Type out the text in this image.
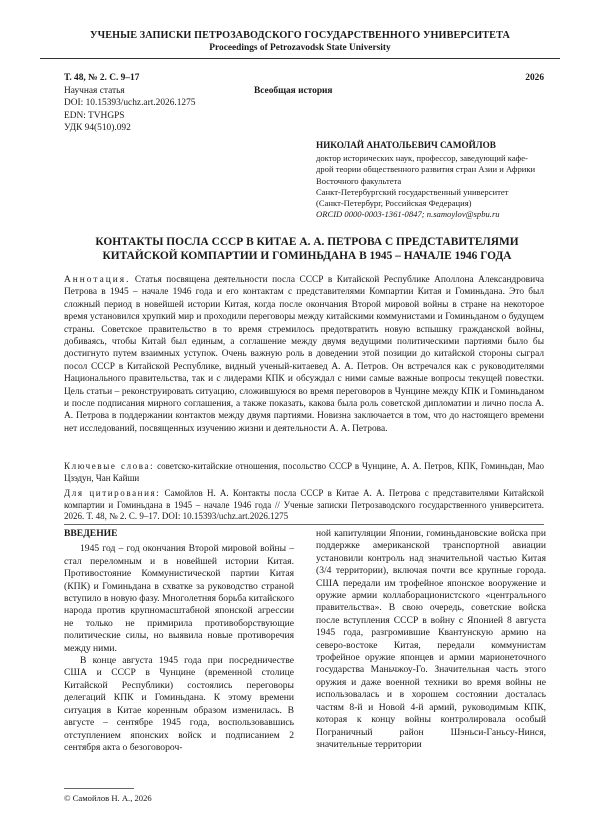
УЧЕНЫЕ ЗАПИСКИ ПЕТРОЗАВОДСКОГО ГОСУДАРСТВЕННОГО УНИВЕРСИТЕТА
Proceedings of Petrozavodsk State University
Т. 48, № 2. С. 9–17	2026
Научная статья	Всеобщая история
DOI: 10.15393/uchz.art.2026.1275
EDN: TVHGPS
УДК 94(510).092
НИКОЛАЙ АНАТОЛЬЕВИЧ САМОЙЛОВ
доктор исторических наук, профессор, заведующий кафе-
дрой теории общественного развития стран Азии и Африки
Восточного факультета
Санкт-Петербургский государственный университет
(Санкт-Петербург, Российская Федерация)
ORCID 0000-0003-1361-0847; n.samoylov@spbu.ru
КОНТАКТЫ ПОСЛА СССР В КИТАЕ А. А. ПЕТРОВА С ПРЕДСТАВИТЕЛЯМИ
КИТАЙСКОЙ КОМПАРТИИ И ГОМИНЬДАНА В 1945 – НАЧАЛЕ 1946 ГОДА
Аннотация. Статья посвящена деятельности посла СССР в Китайской Республике Аполлона Александровича Петрова в 1945 – начале 1946 года и его контактам с представителями Компартии Китая и Гоминьдана. Это был сложный период в новейшей истории Китая, когда после окончания Второй мировой войны в стране на некоторое время установился хрупкий мир и проходили переговоры между китайскими коммунистами и Гоминьданом о будущем страны. Советское правительство в то время стремилось предотвратить новую вспышку гражданской войны, добиваясь, чтобы Китай был единым, а соглашение между двумя ведущими политическими партиями было бы достигнуто путем взаимных уступок. Очень важную роль в доведении этой позиции до китайской стороны сыграл посол СССР в Китайской Республике, видный ученый-китаевед А. А. Петров. Он встречался как с руководителями Национального правительства, так и с лидерами КПК и обсуждал с ними самые важные вопросы текущей повестки. Цель статьи – реконструировать ситуацию, сложившуюся во время переговоров в Чунцине между КПК и Гоминьданом и после подписания мирного соглашения, а также показать, какова была роль советской дипломатии и лично посла А. А. Петрова в поддержании контактов между двумя партиями. Новизна заключается в том, что до настоящего времени нет исследований, посвященных изучению жизни и деятельности А. А. Петрова.
Ключевые слова: советско-китайские отношения, посольство СССР в Чунцине, А. А. Петров, КПК, Гоминьдан, Мао Цзэдун, Чан Кайши
Для цитирования: Самойлов Н. А. Контакты посла СССР в Китае А. А. Петрова с представителями Китайской компартии и Гоминьдана в 1945 – начале 1946 года // Ученые записки Петрозаводского государственного университета. 2026. Т. 48, № 2. С. 9–17. DOI: 10.15393/uchz.art.2026.1275
ВВЕДЕНИЕ

1945 год – год окончания Второй мировой войны – стал переломным и в новейшей истории Китая. Противостояние Коммунистической партии Китая (КПК) и Гоминьдана в схватке за руководство страной вступило в новую фазу. Многолетняя борьба китайского народа против крупномасштабной японской агрессии не только не примирила противоборствующие политические силы, но выявила новые противоречия между ними.

В конце августа 1945 года при посредничестве США и СССР в Чунцине (временной столице Китайской Республики) состоялись переговоры делегаций КПК и Гоминьдана. К этому времени ситуация в Китае коренным образом изменилась. В августе – сентябре 1945 года, воспользовавшись отступлением японских войск и подписанием 2 сентября акта о безоговороч-

ной капитуляции Японии, гоминьдановские войска при поддержке американской транспортной авиации установили контроль над значительной частью Китая (3/4 территории), включая почти все крупные города. США передали им трофейное японское вооружение и оружие армии коллаборационистского «центрального правительства». В свою очередь, советские войска после вступления СССР в войну с Японией 8 августа 1945 года, разгромившие Квантунскую армию на северо-востоке Китая, передали коммунистам трофейное оружие японцев и армии марионеточного государства Маньчжоу-Го. Значительная часть этого оружия и даже военной техники во время войны не использовалась и в хорошем состоянии досталась частям 8-й и Новой 4-й армий, руководимым КПК, которая к концу войны контролировала особый Пограничный район Шэньси-Ганьсу-Нинся, значительные территории

© Самойлов Н. А., 2026
